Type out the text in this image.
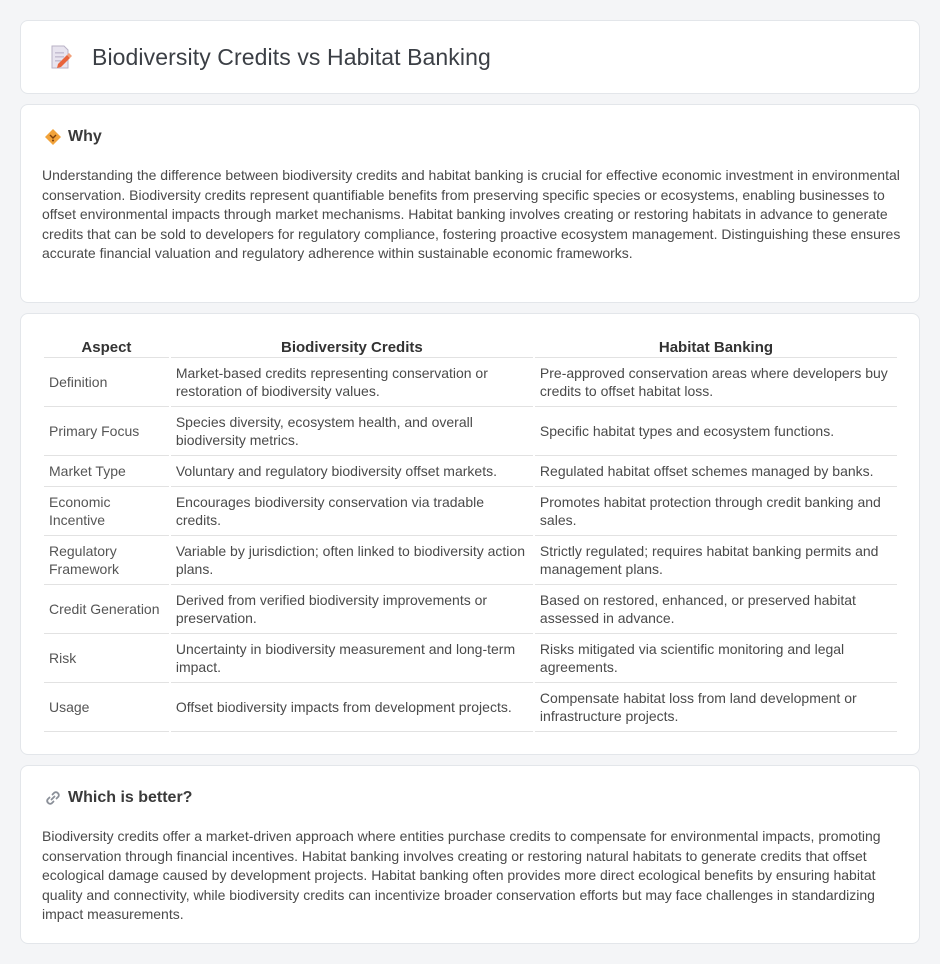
Biodiversity Credits vs Habitat Banking
Why

Understanding the difference between biodiversity credits and habitat banking is crucial for effective economic investment in environmental conservation. Biodiversity credits represent quantifiable benefits from preserving specific species or ecosystems, enabling businesses to offset environmental impacts through market mechanisms. Habitat banking involves creating or restoring habitats in advance to generate credits that can be sold to developers for regulatory compliance, fostering proactive ecosystem management. Distinguishing these ensures accurate financial valuation and regulatory adherence within sustainable economic frameworks.

Aspect	Biodiversity Credits	Habitat Banking
Definition	Market-based credits representing conservation or restoration of biodiversity values.	Pre-approved conservation areas where developers buy credits to offset habitat loss.
Primary Focus	Species diversity, ecosystem health, and overall biodiversity metrics.	Specific habitat types and ecosystem functions.
Market Type	Voluntary and regulatory biodiversity offset markets.	Regulated habitat offset schemes managed by banks.
Economic Incentive	Encourages biodiversity conservation via tradable credits.	Promotes habitat protection through credit banking and sales.
Regulatory Framework	Variable by jurisdiction; often linked to biodiversity action plans.	Strictly regulated; requires habitat banking permits and management plans.
Credit Generation	Derived from verified biodiversity improvements or preservation.	Based on restored, enhanced, or preserved habitat assessed in advance.
Risk	Uncertainty in biodiversity measurement and long-term impact.	Risks mitigated via scientific monitoring and legal agreements.
Usage	Offset biodiversity impacts from development projects.	Compensate habitat loss from land development or infrastructure projects.
Which is better?

Biodiversity credits offer a market-driven approach where entities purchase credits to compensate for environmental impacts, promoting conservation through financial incentives. Habitat banking involves creating or restoring natural habitats to generate credits that offset ecological damage caused by development projects. Habitat banking often provides more direct ecological benefits by ensuring habitat quality and connectivity, while biodiversity credits can incentivize broader conservation efforts but may face challenges in standardizing impact measurements.
